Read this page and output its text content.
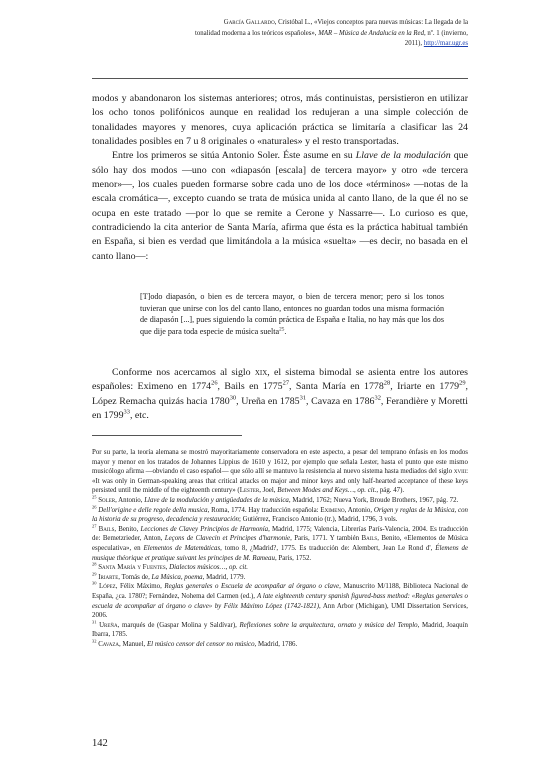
García Gallardo, Cristóbal L., «Viejos conceptos para nuevas músicas: La llegada de la
tonalidad moderna a los teóricos españoles», MAR – Música de Andalucía en la Red, nº. 1 (invierno,
2011), http://mar.ugr.es

modos y abandonaron los sistemas anteriores; otros, más continuistas, persistieron en utilizar los ocho tonos polifónicos aunque en realidad los redujeran a una simple colección de tonalidades mayores y menores, cuya aplicación práctica se limitaría a clasificar las 24 tonalidades posibles en 7 u 8 originales o «naturales» y el resto transportadas.

Entre los primeros se sitúa Antonio Soler. Éste asume en su Llave de la modulación que sólo hay dos modos —uno con «diapasón [escala] de tercera mayor» y otro «de tercera menor»—, los cuales pueden formarse sobre cada uno de los doce «términos» —notas de la escala cromática—, excepto cuando se trata de música unida al canto llano, de la que él no se ocupa en este tratado —por lo que se remite a Cerone y Nassarre—. Lo curioso es que, contradiciendo la cita anterior de Santa María, afirma que ésta es la práctica habitual también en España, si bien es verdad que limitándola a la música «suelta» —es decir, no basada en el canto llano—:

[T]odo diapasón, o bien es de tercera mayor, o bien de tercera menor; pero si los tonos tuvieran que unirse con los del canto llano, entonces no guardan todos una misma formación de diapasón [...], pues siguiendo la común práctica de España e Italia, no hay más que los dos que dije para toda especie de música suelta$^{25}$.

Conforme nos acercamos al siglo xix, el sistema bimodal se asienta entre los autores españoles: Eximeno en 1774$^{26}$, Bails en 1775$^{27}$, Santa María en 1778$^{28}$, Iriarte en 1779$^{29}$, López Remacha quizás hacia 1780$^{30}$, Ureña en 1785$^{31}$, Cavaza en 1786$^{32}$, Ferandière y Moretti en 1799$^{33}$, etc.

Por su parte, la teoría alemana se mostró mayoritariamente conservadora en este aspecto, a pesar del temprano énfasis en los modos mayor y menor en los tratados de Johannes Lippius de 1610 y 1612, por ejemplo que señala Lester, hasta el punto que este mismo musicólogo afirma —obviando el caso español— que sólo allí se mantuvo la resistencia al nuevo sistema hasta mediados del siglo xviii: «It was only in German-speaking areas that critical attacks on major and minor keys and only half-hearted acceptance of these keys persisted until the middle of the eighteenth century» (Lester, Joel, Between Modes and Keys…, op. cit., pág. 47).

$^{25}$ Soler, Antonio, Llave de la modulación y antigüedades de la música, Madrid, 1762; Nueva York, Broude Brothers, 1967, pág. 72.

$^{26}$ Dell'origine e delle regole della musica, Roma, 1774. Hay traducción española: Eximeno, Antonio, Origen y reglas de la Música, con la historia de su progreso, decadencia y restauración; Gutiérrez, Francisco Antonio (tr.), Madrid, 1796, 3 vols.

$^{27}$ Bails, Benito, Lecciones de Clavey Principios de Harmonía, Madrid, 1775; Valencia, Librerías París-Valencia, 2004. Es traducción de: Bemetzrieder, Anton, Leçons de Clavecin et Principes d'harmonie, Paris, 1771. Y también Bails, Benito, «Elementos de Música especulativa», en Elementos de Matemáticas, tomo 8, ¿Madrid?, 1775. Es traducción de: Alembert, Jean Le Rond d', Élemens de musique théorique et pratique suivant les principes de M. Rameau, Paris, 1752.

$^{28}$ Santa María y Fuentes, Dialectos músicos…, op. cit.

$^{29}$ Iriarte, Tomás de, La Música, poema, Madrid, 1779.

$^{30}$ López, Félix Máximo, Reglas generales o Escuela de acompañar al órgano o clave, Manuscrito M/1188, Biblioteca Nacional de España, ¿ca. 1780?; Fernández, Nohema del Carmen (ed.), A late eighteenth century spanish figured-bass method: «Reglas generales o escuela de acompañar al órgano o clave» by Félix Máximo López (1742-1821), Ann Arbor (Michigan), UMI Dissertation Services, 2006.

$^{31}$ Ureña, marqués de (Gaspar Molina y Saldívar), Reflexiones sobre la arquitectura, ornato y música del Templo, Madrid, Joaquín Ibarra, 1785.

$^{32}$ Cavaza, Manuel, El músico censor del censor no músico, Madrid, 1786.

142
